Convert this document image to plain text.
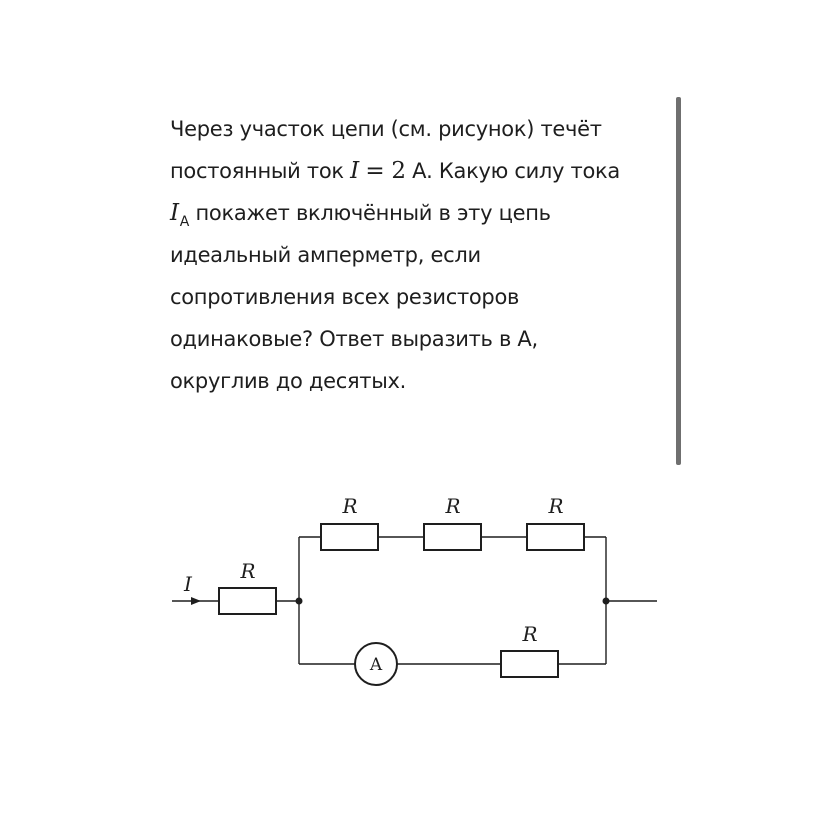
Через участок цепи (см. рисунок) течёт
постоянный ток I = 2 А. Какую силу тока
$I_A$ покажет включённый в эту цепь
идеальный амперметр, если
сопротивления всех резисторов
одинаковые? Ответ выразить в А,
округлив до десятых.
I
R
R	R	R
R
A
